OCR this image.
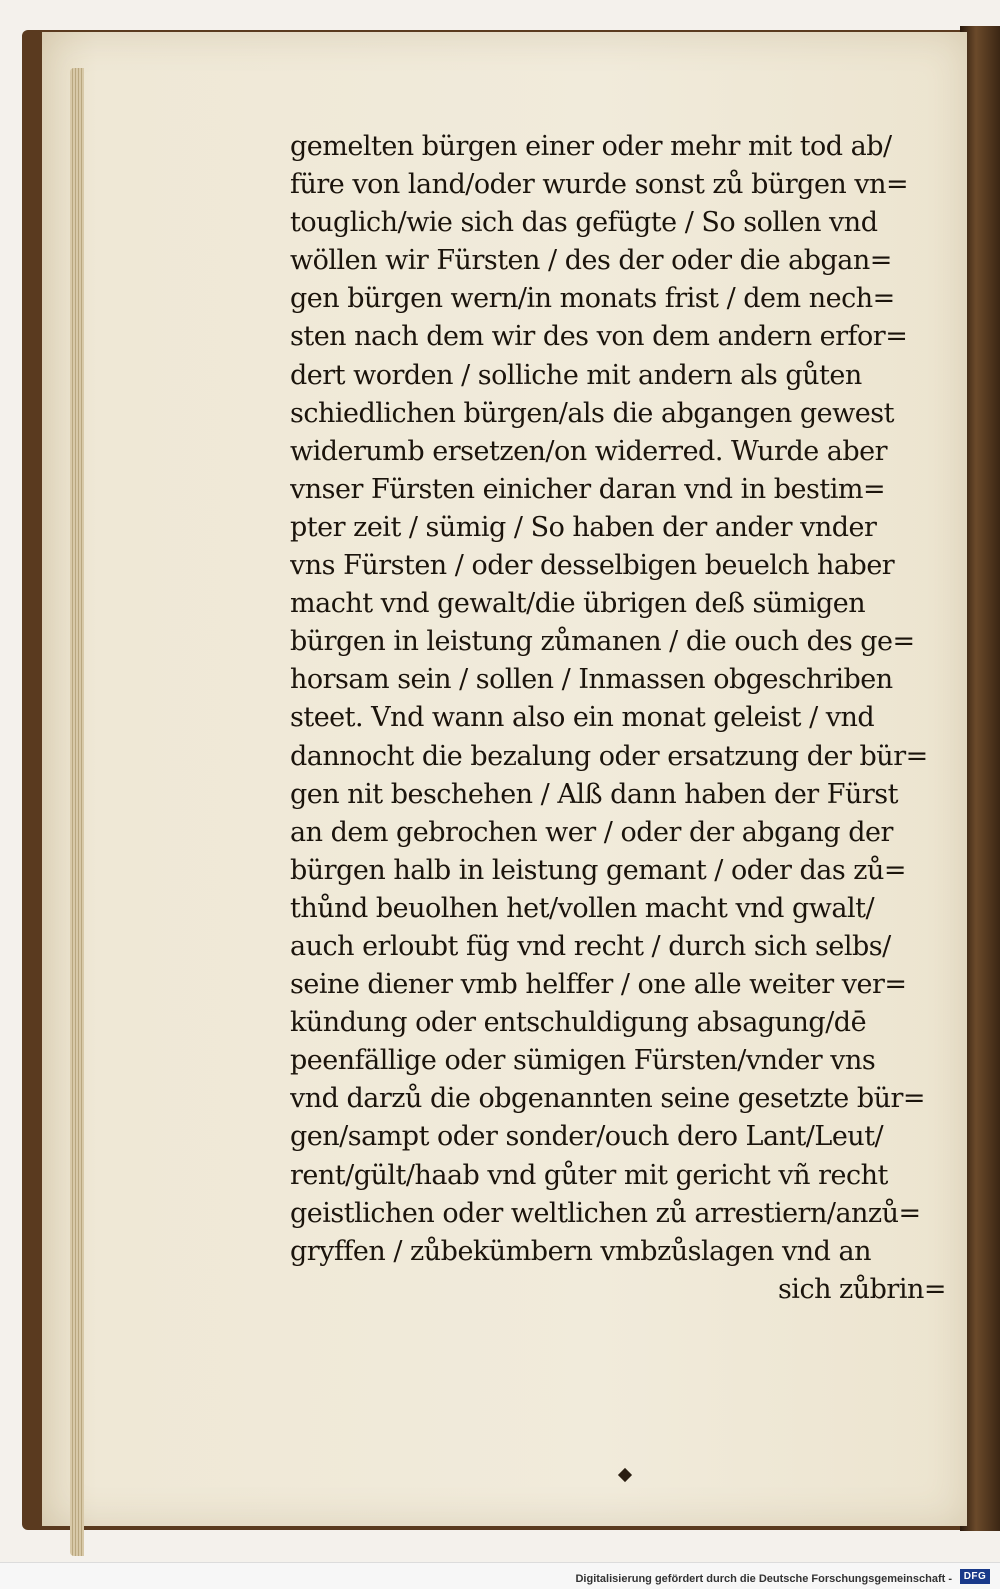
gemelten bürgen einer oder mehr mit tod ab/
füre von land/oder wurde sonst zů bürgen vn=
touglich/wie sich das gefügte / So sollen vnd
wöllen wir Fürsten / des der oder die abgan=
gen bürgen wern/in monats frist / dem nech=
sten nach dem wir des von dem andern erfor=
dert worden / solliche mit andern als gůten
schiedlichen bürgen/als die abgangen gewest
widerumb ersetzen/on widerred. Wurde aber
vnser Fürsten einicher daran vnd in bestim=
pter zeit / sümig / So haben der ander vnder
vns Fürsten / oder desselbigen beuelch haber
macht vnd gewalt/die übrigen deß sümigen
bürgen in leistung zůmanen / die ouch des ge=
horsam sein / sollen / Inmassen obgeschriben
steet. Vnd wann also ein monat geleist / vnd
dannocht die bezalung oder ersatzung der bür=
gen nit beschehen / Alß dann haben der Fürst
an dem gebrochen wer / oder der abgang der
bürgen halb in leistung gemant / oder das zů=
thůnd beuolhen het/vollen macht vnd gwalt/
auch erloubt füg vnd recht / durch sich selbs/
seine diener vmb helffer / one alle weiter ver=
kündung oder entschuldigung absagung/dē
peenfällige oder sümigen Fürsten/vnder vns
vnd darzů die obgenannten seine gesetzte bür=
gen/sampt oder sonder/ouch dero Lant/Leut/
rent/gült/haab vnd gůter mit gericht vñ recht
geistlichen oder weltlichen zů arrestiern/anzů=
gryffen / zůbekümbern vmbzůslagen vnd an
sich zůbrin=
Digitalisierung gefördert durch die Deutsche Forschungsgemeinschaft -	DFG
